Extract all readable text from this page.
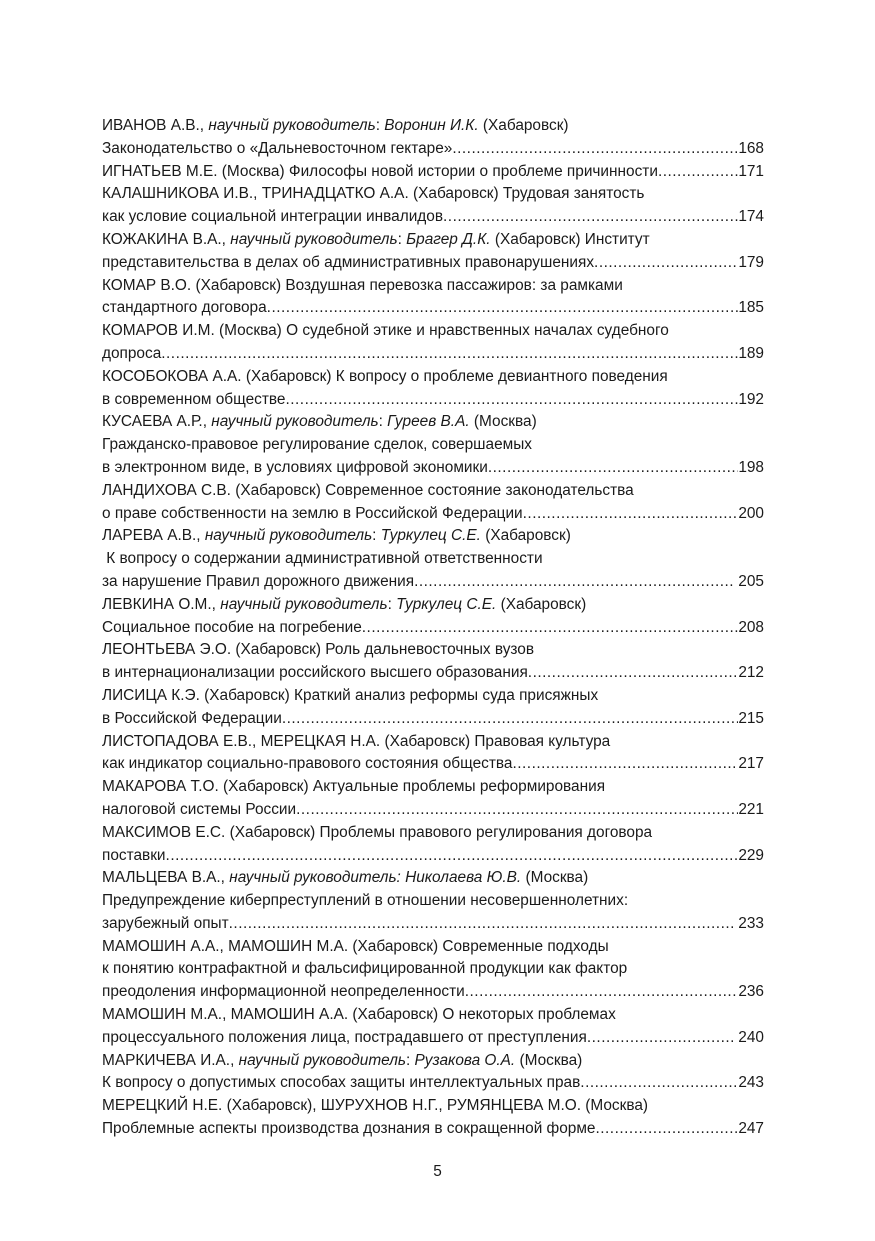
ИВАНОВ А.В., научный руководитель: Воронин И.К. (Хабаровск)
Законодательство о «Дальневосточном гектаре» .....	168
ИГНАТЬЕВ М.Е. (Москва) Философы новой истории о проблеме причинности .....	171
КАЛАШНИКОВА И.В., ТРИНАДЦАТКО А.А. (Хабаровск) Трудовая занятость
как условие социальной интеграции инвалидов .....	174
КОЖАКИНА В.А., научный руководитель: Брагер Д.К. (Хабаровск) Институт
представительства в делах об административных правонарушениях .....	179
КОМАР В.О. (Хабаровск) Воздушная перевозка пассажиров: за рамками
стандартного договора .....	185
КОМАРОВ И.М. (Москва) О судебной этике и нравственных началах судебного
допроса .....	189
КОСОБОКОВА А.А. (Хабаровск) К вопросу о проблеме девиантного поведения
в современном обществе .....	192
КУСАЕВА А.Р., научный руководитель: Гуреев В.А. (Москва)
Гражданско-правовое регулирование сделок, совершаемых
в электронном виде, в условиях цифровой экономики .....	198
ЛАНДИХОВА С.В. (Хабаровск) Современное состояние законодательства
о праве собственности на землю в Российской Федерации .....	200
ЛАРЕВА А.В., научный руководитель: Туркулец С.Е. (Хабаровск)
К вопросу о содержании административной ответственности
за нарушение Правил дорожного движения .....	205
ЛЕВКИНА О.М., научный руководитель: Туркулец С.Е. (Хабаровск)
Социальное пособие на погребение .....	208
ЛЕОНТЬЕВА Э.О. (Хабаровск) Роль дальневосточных вузов
в интернационализации российского высшего образования .....	212
ЛИСИЦА К.Э. (Хабаровск) Краткий анализ реформы суда присяжных
в Российской Федерации .....	215
ЛИСТОПАДОВА Е.В., МЕРЕЦКАЯ Н.А. (Хабаровск) Правовая культура
как индикатор социально-правового состояния общества .....	217
МАКАРОВА Т.О. (Хабаровск) Актуальные проблемы реформирования
налоговой системы России .....	221
МАКСИМОВ Е.С. (Хабаровск) Проблемы правового регулирования договора
поставки .....	229
МАЛЬЦЕВА В.А., научный руководитель: Николаева Ю.В. (Москва)
Предупреждение киберпреступлений в отношении несовершеннолетних:
зарубежный опыт .....	233
МАМОШИН А.А., МАМОШИН М.А. (Хабаровск) Современные подходы
к понятию контрафактной и фальсифицированной продукции как фактор
преодоления информационной неопределенности .....	236
МАМОШИН М.А., МАМОШИН А.А. (Хабаровск) О некоторых проблемах
процессуального положения лица, пострадавшего от преступления .....	240
МАРКИЧЕВА И.А., научный руководитель: Рузакова О.А. (Москва)
К вопросу о допустимых способах защиты интеллектуальных прав .....	243
МЕРЕЦКИЙ Н.Е. (Хабаровск), ШУРУХНОВ Н.Г., РУМЯНЦЕВА М.О. (Москва)
Проблемные аспекты производства дознания в сокращенной форме .....	247
5
